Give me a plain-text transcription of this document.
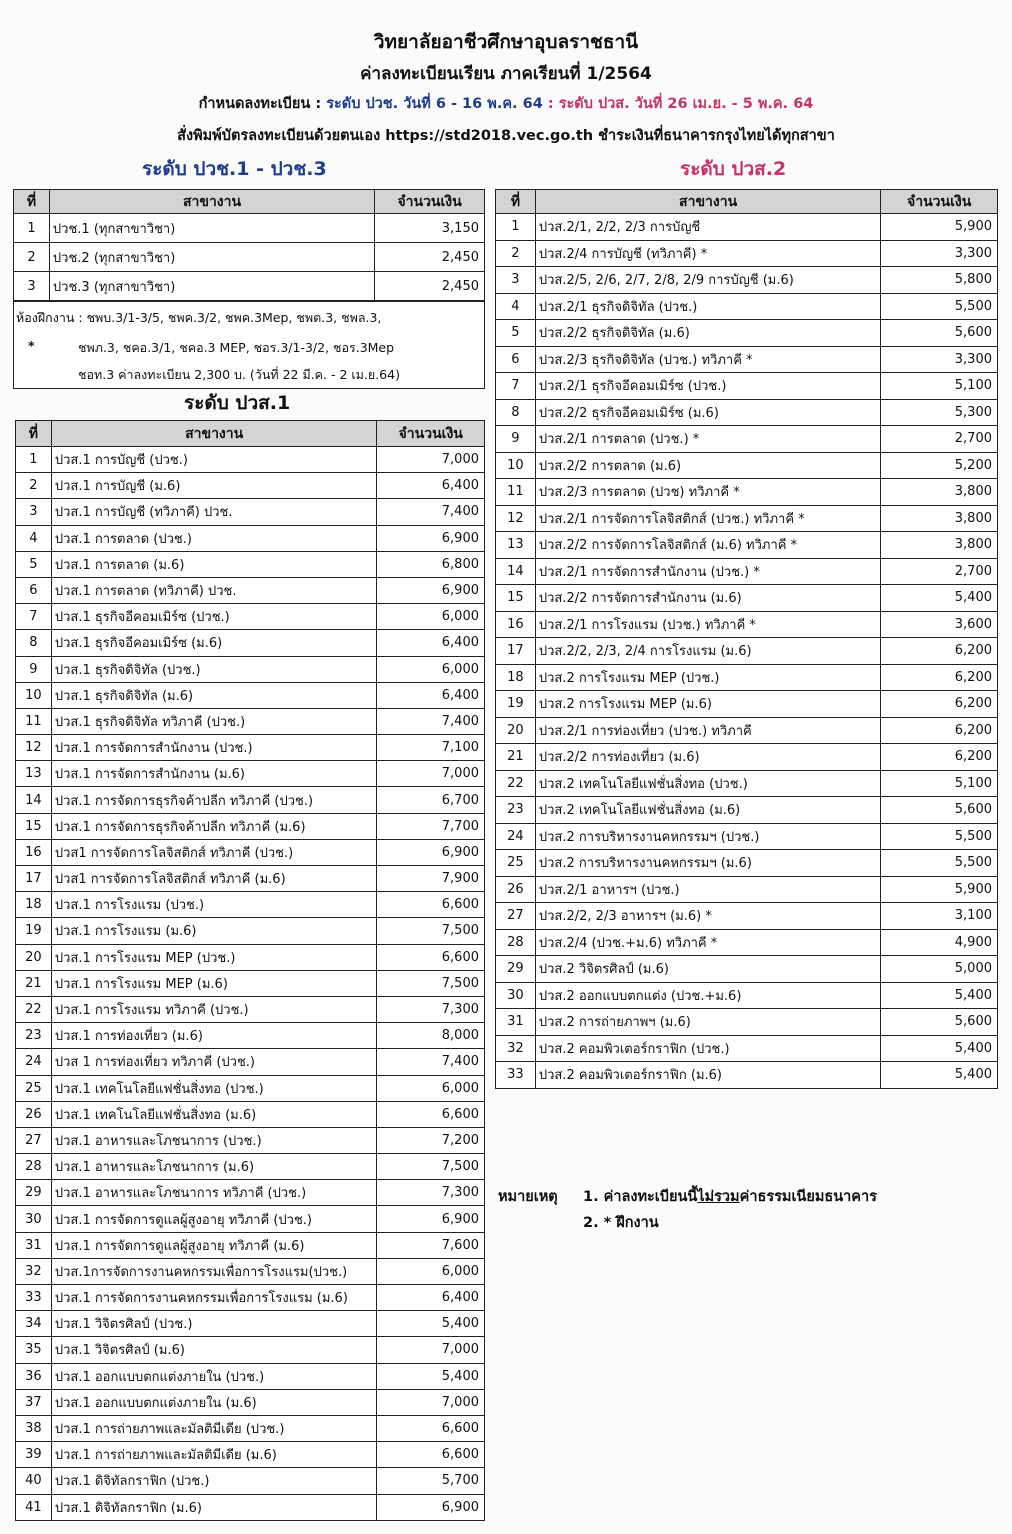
วิทยาลัยอาชีวศึกษาอุบลราชธานี
ค่าลงทะเบียนเรียน ภาคเรียนที่ 1/2564
กำหนดลงทะเบียน : ระดับ ปวช. วันที่ 6 - 16 พ.ค. 64 : ระดับ ปวส. วันที่ 26 เม.ย. - 5 พ.ค. 64
สั่งพิมพ์บัตรลงทะเบียนด้วยตนเอง https://std2018.vec.go.th ชำระเงินที่ธนาคารกรุงไทยได้ทุกสาขา
ระดับ ปวช.1 - ปวช.3	ระดับ ปวส.2
ระดับ ปวส.1
ที่	สาขางาน	จำนวนเงิน
1	ปวช.1 (ทุกสาขาวิชา)	3,150
2	ปวช.2 (ทุกสาขาวิชา)	2,450
3	ปวช.3 (ทุกสาขาวิชา)	2,450
ห้องฝึกงาน : ชพบ.3/1-3/5, ชพค.3/2, ชพค.3Mep, ชพต.3, ชพล.3,
*	ชพภ.3, ชคอ.3/1, ชคอ.3 MEP, ชอร.3/1-3/2, ชอร.3Mep
ชอท.3 ค่าลงทะเบียน 2,300 บ. (วันที่ 22 มี.ค. - 2 เม.ย.64)
ที่	สาขางาน	จำนวนเงิน
1	ปวส.1 การบัญชี (ปวช.)	7,000
2	ปวส.1 การบัญชี (ม.6)	6,400
3	ปวส.1 การบัญชี (ทวิภาคี) ปวช.	7,400
4	ปวส.1 การตลาด (ปวช.)	6,900
5	ปวส.1 การตลาด (ม.6)	6,800
6	ปวส.1 การตลาด (ทวิภาคี) ปวช.	6,900
7	ปวส.1 ธุรกิจอีคอมเมิร์ซ (ปวช.)	6,000
8	ปวส.1 ธุรกิจอีคอมเมิร์ซ (ม.6)	6,400
9	ปวส.1 ธุรกิจดิจิทัล (ปวช.)	6,000
10	ปวส.1 ธุรกิจดิจิทัล (ม.6)	6,400
11	ปวส.1 ธุรกิจดิจิทัล ทวิภาคี (ปวช.)	7,400
12	ปวส.1 การจัดการสำนักงาน (ปวช.)	7,100
13	ปวส.1 การจัดการสำนักงาน (ม.6)	7,000
14	ปวส.1 การจัดการธุรกิจค้าปลีก ทวิภาคี (ปวช.)	6,700
15	ปวส.1 การจัดการธุรกิจค้าปลีก ทวิภาคี (ม.6)	7,700
16	ปวส1 การจัดการโลจิสติกส์ ทวิภาคี (ปวช.)	6,900
17	ปวส1 การจัดการโลจิสติกส์ ทวิภาคี (ม.6)	7,900
18	ปวส.1 การโรงแรม (ปวช.)	6,600
19	ปวส.1 การโรงแรม (ม.6)	7,500
20	ปวส.1 การโรงแรม MEP (ปวช.)	6,600
21	ปวส.1 การโรงแรม MEP (ม.6)	7,500
22	ปวส.1 การโรงแรม ทวิภาคี (ปวช.)	7,300
23	ปวส.1 การท่องเที่ยว (ม.6)	8,000
24	ปวส 1 การท่องเที่ยว ทวิภาคี (ปวช.)	7,400
25	ปวส.1 เทคโนโลยีแฟชั่นสิ่งทอ (ปวช.)	6,000
26	ปวส.1 เทคโนโลยีแฟชั่นสิ่งทอ (ม.6)	6,600
27	ปวส.1 อาหารและโภชนาการ (ปวช.)	7,200
28	ปวส.1 อาหารและโภชนาการ (ม.6)	7,500
29	ปวส.1 อาหารและโภชนาการ ทวิภาคี (ปวช.)	7,300
30	ปวส.1 การจัดการดูแลผู้สูงอายุ ทวิภาคี (ปวช.)	6,900
31	ปวส.1 การจัดการดูแลผู้สูงอายุ ทวิภาคี (ม.6)	7,600
32	ปวส.1การจัดการงานคหกรรมเพื่อการโรงแรม(ปวช.)	6,000
33	ปวส.1 การจัดการงานคหกรรมเพื่อการโรงแรม (ม.6)	6,400
34	ปวส.1 วิจิตรศิลป์ (ปวช.)	5,400
35	ปวส.1 วิจิตรศิลป์ (ม.6)	7,000
36	ปวส.1 ออกแบบตกแต่งภายใน (ปวช.)	5,400
37	ปวส.1 ออกแบบตกแต่งภายใน (ม.6)	7,000
38	ปวส.1 การถ่ายภาพและมัลติมีเดีย (ปวช.)	6,600
39	ปวส.1 การถ่ายภาพและมัลติมีเดีย (ม.6)	6,600
40	ปวส.1 ดิจิทัลกราฟิก (ปวช.)	5,700
41	ปวส.1 ดิจิทัลกราฟิก (ม.6)	6,900
ที่	สาขางาน	จำนวนเงิน
1	ปวส.2/1, 2/2, 2/3 การบัญชี	5,900
2	ปวส.2/4 การบัญชี (ทวิภาคี) *	3,300
3	ปวส.2/5, 2/6, 2/7, 2/8, 2/9 การบัญชี (ม.6)	5,800
4	ปวส.2/1 ธุรกิจดิจิทัล (ปวช.)	5,500
5	ปวส.2/2 ธุรกิจดิจิทัล (ม.6)	5,600
6	ปวส.2/3 ธุรกิจดิจิทัล (ปวช.) ทวิภาคี *	3,300
7	ปวส.2/1 ธุรกิจอีคอมเมิร์ซ (ปวช.)	5,100
8	ปวส.2/2 ธุรกิจอีคอมเมิร์ซ (ม.6)	5,300
9	ปวส.2/1 การตลาด (ปวช.) *	2,700
10	ปวส.2/2 การตลาด (ม.6)	5,200
11	ปวส.2/3 การตลาด (ปวช) ทวิภาคี *	3,800
12	ปวส.2/1 การจัดการโลจิสติกส์ (ปวช.) ทวิภาคี *	3,800
13	ปวส.2/2 การจัดการโลจิสติกส์ (ม.6) ทวิภาคี *	3,800
14	ปวส.2/1 การจัดการสำนักงาน (ปวช.) *	2,700
15	ปวส.2/2 การจัดการสำนักงาน (ม.6)	5,400
16	ปวส.2/1 การโรงแรม (ปวช.) ทวิภาคี *	3,600
17	ปวส.2/2, 2/3, 2/4 การโรงแรม (ม.6)	6,200
18	ปวส.2 การโรงแรม MEP (ปวช.)	6,200
19	ปวส.2 การโรงแรม MEP (ม.6)	6,200
20	ปวส.2/1 การท่องเที่ยว (ปวช.) ทวิภาคี	6,200
21	ปวส.2/2 การท่องเที่ยว (ม.6)	6,200
22	ปวส.2 เทคโนโลยีแฟชั่นสิ่งทอ (ปวช.)	5,100
23	ปวส.2 เทคโนโลยีแฟชั่นสิ่งทอ (ม.6)	5,600
24	ปวส.2 การบริหารงานคหกรรมฯ (ปวช.)	5,500
25	ปวส.2 การบริหารงานคหกรรมฯ (ม.6)	5,500
26	ปวส.2/1 อาหารฯ (ปวช.)	5,900
27	ปวส.2/2, 2/3 อาหารฯ (ม.6) *	3,100
28	ปวส.2/4 (ปวช.+ม.6) ทวิภาคี *	4,900
29	ปวส.2 วิจิตรศิลป์ (ม.6)	5,000
30	ปวส.2 ออกแบบตกแต่ง (ปวช.+ม.6)	5,400
31	ปวส.2 การถ่ายภาพฯ (ม.6)	5,600
32	ปวส.2 คอมพิวเตอร์กราฟิก (ปวช.)	5,400
33	ปวส.2 คอมพิวเตอร์กราฟิก (ม.6)	5,400
หมายเหตุ 1. ค่าลงทะเบียนนี้ไม่รวมค่าธรรมเนียมธนาคาร
2. * ฝึกงาน
